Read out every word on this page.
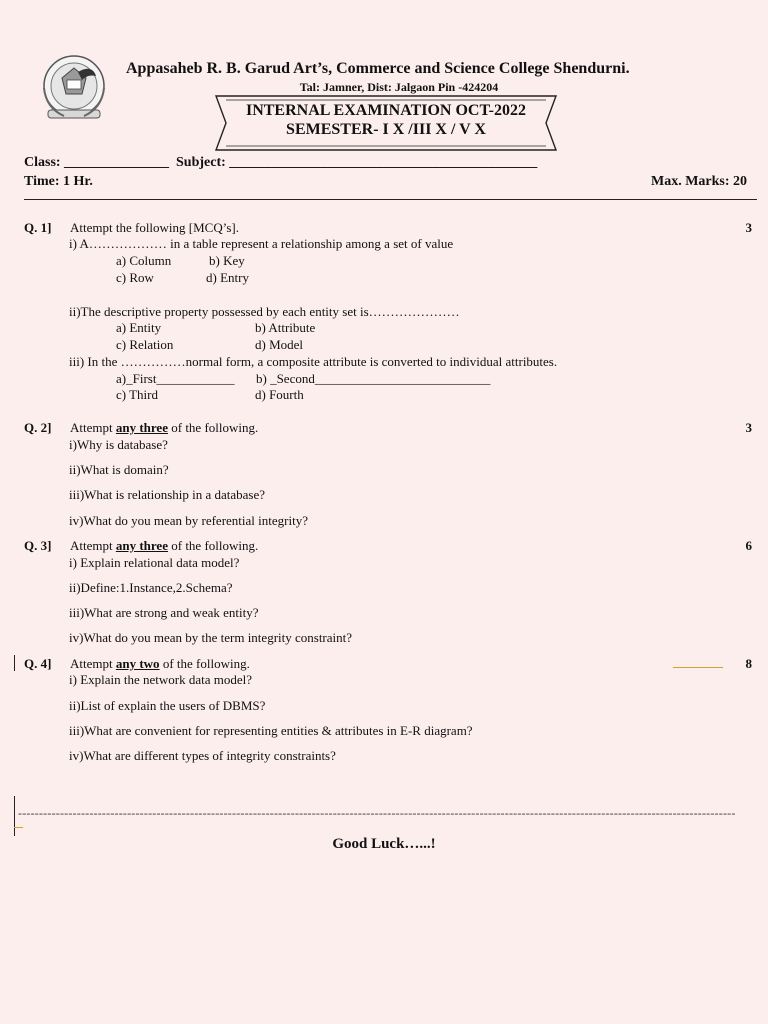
Appasaheb R. B. Garud Art’s, Commerce and Science College Shendurni.
Tal: Jamner, Dist: Jalgaon Pin -424204
INTERNAL EXAMINATION OCT-2022
SEMESTER- I X /III X / V X
Class: _______________ Subject: ____________________________________________
Time: 1 Hr.	Max. Marks: 20
Q. 1] Attempt the following [MCQ’s].	3
i) A……………… in a table represent a relationship among a set of value
a) Column	b) Key
c) Row	d) Entry
ii)The descriptive property possessed by each entity set is…………………
a) Entity	b) Attribute
c) Relation	d) Model
iii) In the ……………normal form, a composite attribute is converted to individual attributes.
a)_First____________ b) _Second___________________________
c) Third	d) Fourth
Q. 2] Attempt any three of the following.	3
i)Why is database?
ii)What is domain?
iii)What is relationship in a database?
iv)What do you mean by referential integrity?
Q. 3] Attempt any three of the following.	6
i) Explain relational data model?
ii)Define:1.Instance,2.Schema?
iii)What are strong and weak entity?
iv)What do you mean by the term integrity constraint?
Q. 4] Attempt any two of the following.	8
i) Explain the network data model?
ii)List of explain the users of DBMS?
iii)What are convenient for representing entities & attributes in E-R diagram?
iv)What are different types of integrity constraints?
---------------------------------------------------------------------------------------------------------------------------------------------------------------------------
Good Luck…...!
